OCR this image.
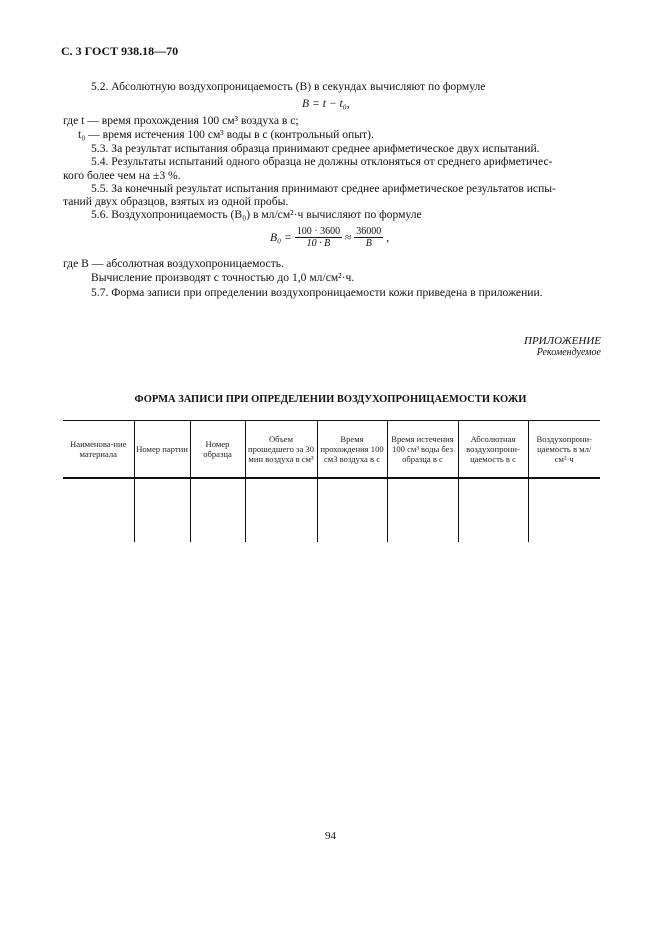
С. 3 ГОСТ 938.18—70
5.2. Абсолютную воздухопроницаемость (B) в секундах вычисляют по формуле
B = t − t₀,
где t — время прохождения 100 см³ воздуха в с;
t₀ — время истечения 100 см³ воды в с (контрольный опыт).
5.3. За результат испытания образца принимают среднее арифметическое двух испытаний.
5.4. Результаты испытаний одного образца не должны отклоняться от среднего арифметичес-
кого более чем на ±3 %.
5.5. За конечный результат испытания принимают среднее арифметическое результатов испы-
таний двух образцов, взятых из одной пробы.
5.6. Воздухопроницаемость (B₀) в мл/см²·ч вычисляют по формуле
$B_0 = \frac{100 \cdot 3600}{10 \cdot B} \approx \frac{36000}{B}$ ,
где B — абсолютная воздухопроницаемость.
Вычисление производят с точностью до 1,0 мл/см²·ч.
5.7. Форма записи при определении воздухопроницаемости кожи приведена в приложении.
ПРИЛОЖЕНИЕ
Рекомендуемое
ФОРМА ЗАПИСИ ПРИ ОПРЕДЕЛЕНИИ ВОЗДУХОПРОНИЦАЕМОСТИ КОЖИ
Наименова-ние материала	Номер партии	Номер образца	Объем прошедшего за 30 мин воздуха в см³	Время прохождения 100 см3 воздуха в с	Время истечения 100 см³ воды без образца в с	Абсолютная воздухопрони-цаемость в с	Воздухопрони-цаемость в мл/см²·ч

94
